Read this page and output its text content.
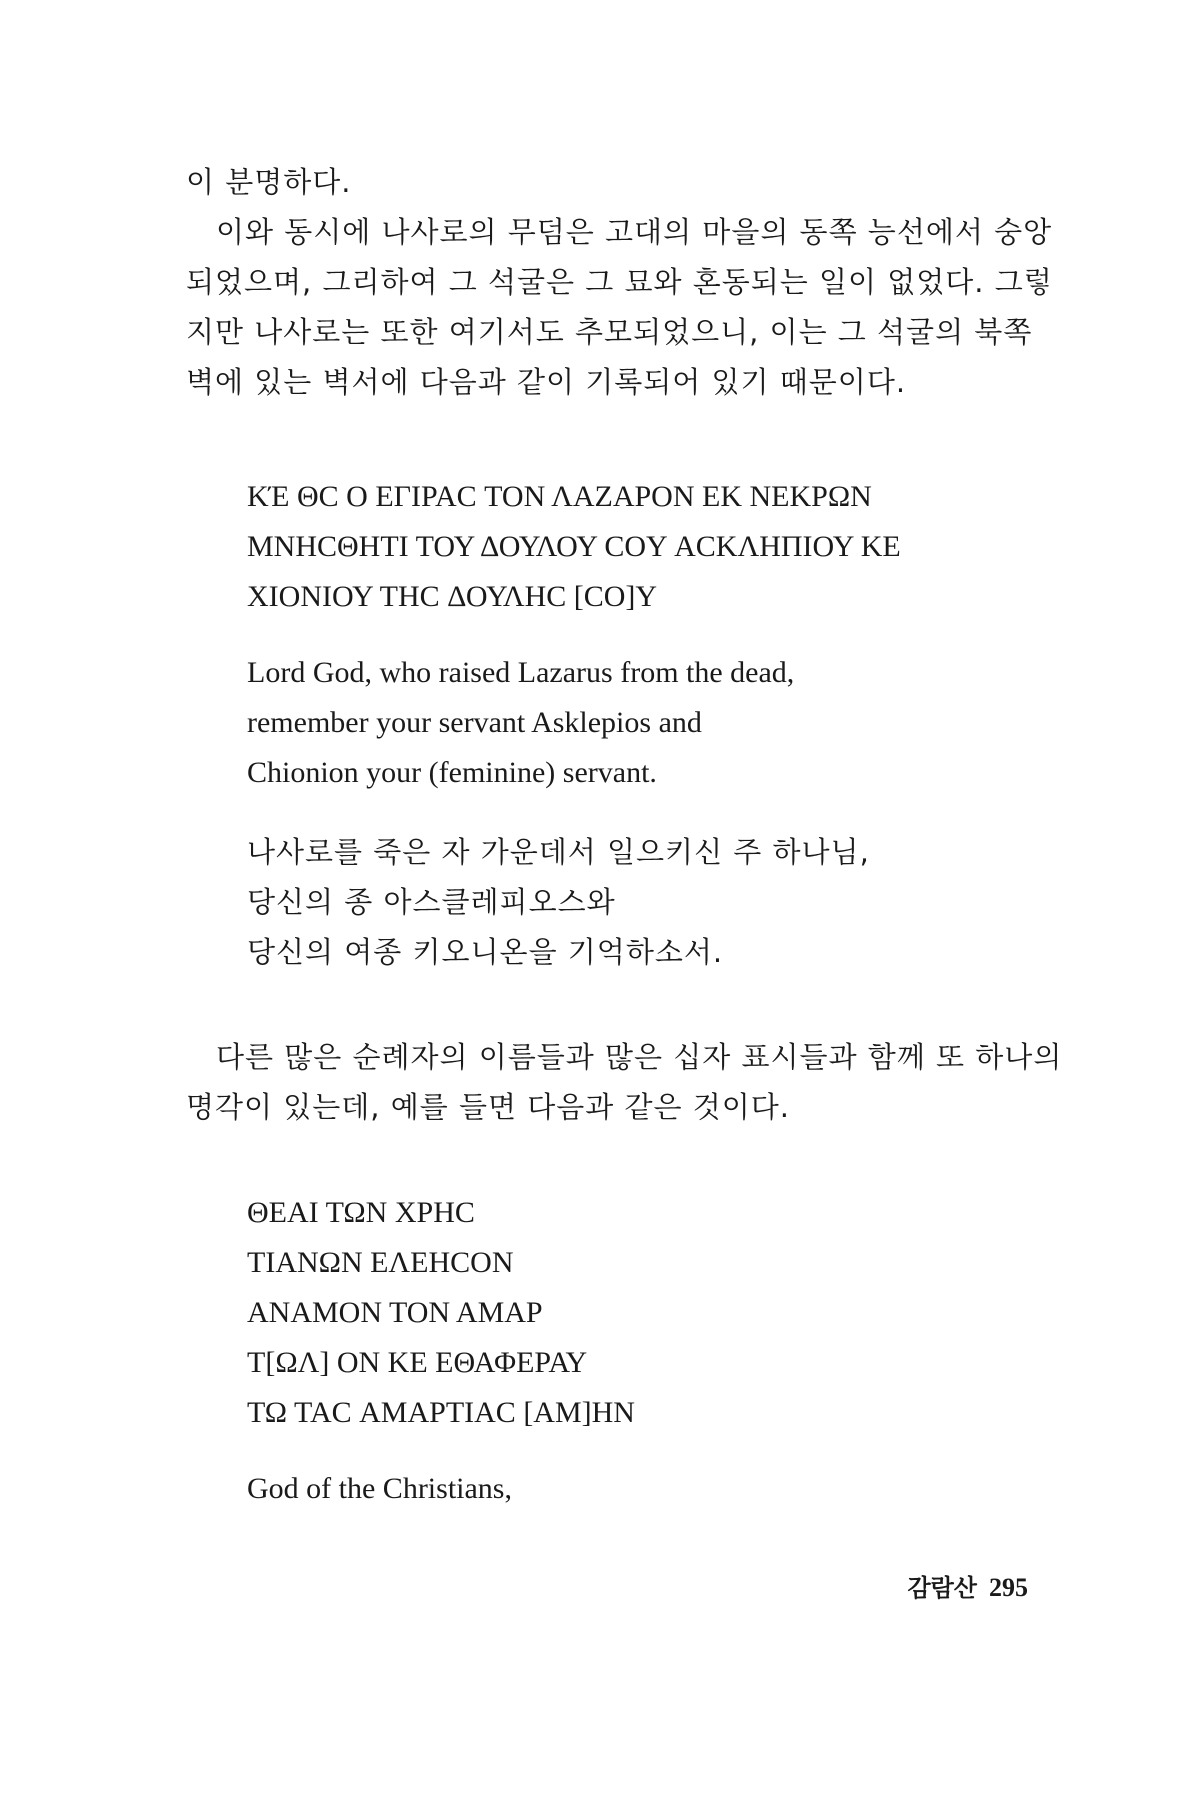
이 분명하다.
이와 동시에 나사로의 무덤은 고대의 마을의 동쪽 능선에서 숭앙
되었으며, 그리하여 그 석굴은 그 묘와 혼동되는 일이 없었다. 그렇
지만 나사로는 또한 여기서도 추모되었으니, 이는 그 석굴의 북쪽
벽에 있는 벽서에 다음과 같이 기록되어 있기 때문이다.
ΚΈ ΘC Ο ΕΓΙΡΑC ΤΟΝ ΛΑΖΑΡΟΝ ΕΚ ΝΕΚΡΩΝ
ΜΝΗCΘΗΤΙ ΤΟΥ ΔΟΥΛΟΥ COY ΑCΚΛΗΠΙΟΥ ΚΕ
ΧΙΟΝΙΟΥ ΤΗC ΔΟΥΛΗC [CO]Y
Lord God, who raised Lazarus from the dead,
remember your servant Asklepios and
Chionion your (feminine) servant.
나사로를 죽은 자 가운데서 일으키신 주 하나님,
당신의 종 아스클레피오스와
당신의 여종 키오니온을 기억하소서.
다른 많은 순례자의 이름들과 많은 십자 표시들과 함께 또 하나의
명각이 있는데, 예를 들면 다음과 같은 것이다.
ΘΕΑΙ ΤΩΝ ΧΡΗC
ΤΙΑΝΩΝ ΕΛΕΗCON
ΑΝΑΜΟΝ ΤΟΝ ΑΜΑΡ
Τ[ΩΛ] ΟΝ ΚΕ ΕΘΑΦΕΡΑΥ
ΤΩ ΤΑC ΑΜΑΡΤΙΑC [ΑΜ]ΗΝ
God of the Christians,
감람산 295
